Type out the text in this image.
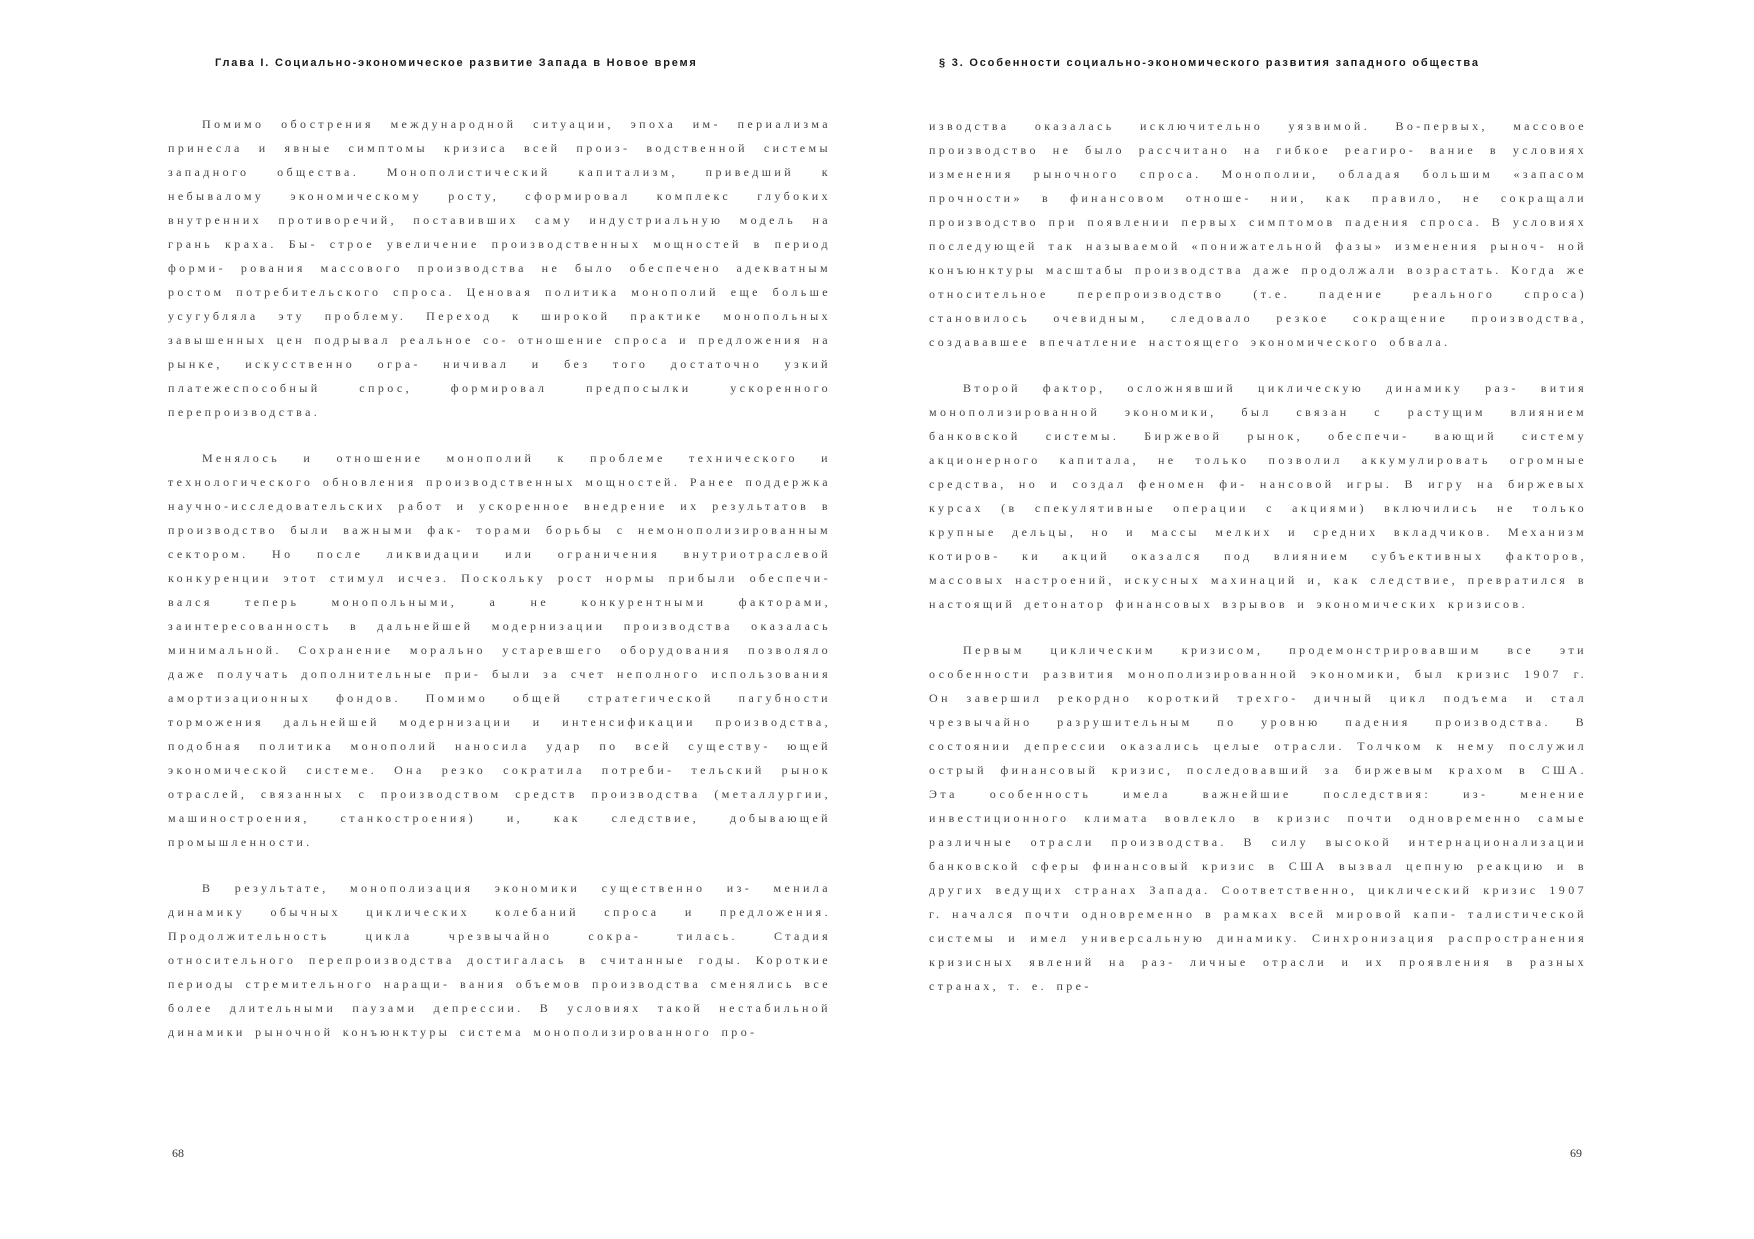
Глава I. Социально-экономическое развитие Запада в Новое время

Помимо обострения международной ситуации, эпоха им- периализма принесла и явные симптомы кризиса всей произ- водственной системы западного общества. Монополистический капитализм, приведший к небывалому экономическому росту, сформировал комплекс глубоких внутренних противоречий, поставивших саму индустриальную модель на грань краха. Бы- строе увеличение производственных мощностей в период форми- рования массового производства не было обеспечено адекватным ростом потребительского спроса. Ценовая политика монополий еще больше усугубляла эту проблему. Переход к широкой практике монопольных завышенных цен подрывал реальное со- отношение спроса и предложения на рынке, искусственно огра- ничивал и без того достаточно узкий платежеспособный спрос, формировал предпосылки ускоренного перепроизводства.

Менялось и отношение монополий к проблеме технического и технологического обновления производственных мощностей. Ранее поддержка научно-исследовательских работ и ускоренное внедрение их результатов в производство были важными фак- торами борьбы с немонополизированным сектором. Но после ликвидации или ограничения внутриотраслевой конкуренции этот стимул исчез. Поскольку рост нормы прибыли обеспечи- вался теперь монопольными, а не конкурентными факторами, заинтересованность в дальнейшей модернизации производства оказалась минимальной. Сохранение морально устаревшего оборудования позволяло даже получать дополнительные при- были за счет неполного использования амортизационных фондов. Помимо общей стратегической пагубности торможения дальнейшей модернизации и интенсификации производства, подобная политика монополий наносила удар по всей существу- ющей экономической системе. Она резко сократила потреби- тельский рынок отраслей, связанных с производством средств производства (металлургии, машиностроения, станкостроения) и, как следствие, добывающей промышленности.

В результате, монополизация экономики существенно из- менила динамику обычных циклических колебаний спроса и предложения. Продолжительность цикла чрезвычайно сокра- тилась. Стадия относительного перепроизводства достигалась в считанные годы. Короткие периоды стремительного наращи- вания объемов производства сменялись все более длительными паузами депрессии. В условиях такой нестабильной динамики рыночной конъюнктуры система монополизированного про-

68
§ 3. Особенности социально-экономического развития западного общества

изводства оказалась исключительно уязвимой. Во-первых, массовое производство не было рассчитано на гибкое реагиро- вание в условиях изменения рыночного спроса. Монополии, обладая большим «запасом прочности» в финансовом отноше- нии, как правило, не сокращали производство при появлении первых симптомов падения спроса. В условиях последующей так называемой «понижательной фазы» изменения рыноч- ной конъюнктуры масштабы производства даже продолжали возрастать. Когда же относительное перепроизводство (т.е. падение реального спроса) становилось очевидным, следовало резкое сокращение производства, создававшее впечатление настоящего экономического обвала.

Второй фактор, осложнявший циклическую динамику раз- вития монополизированной экономики, был связан с растущим влиянием банковской системы. Биржевой рынок, обеспечи- вающий систему акционерного капитала, не только позволил аккумулировать огромные средства, но и создал феномен фи- нансовой игры. В игру на биржевых курсах (в спекулятивные операции с акциями) включились не только крупные дельцы, но и массы мелких и средних вкладчиков. Механизм котиров- ки акций оказался под влиянием субъективных факторов, массовых настроений, искусных махинаций и, как следствие, превратился в настоящий детонатор финансовых взрывов и экономических кризисов.

Первым циклическим кризисом, продемонстрировавшим все эти особенности развития монополизированной экономики, был кризис 1907 г. Он завершил рекордно короткий трехго- дичный цикл подъема и стал чрезвычайно разрушительным по уровню падения производства. В состоянии депрессии оказались целые отрасли. Толчком к нему послужил острый финансовый кризис, последовавший за биржевым крахом в США. Эта особенность имела важнейшие последствия: из- менение инвестиционного климата вовлекло в кризис почти одновременно самые различные отрасли производства. В силу высокой интернационализации банковской сферы финансовый кризис в США вызвал цепную реакцию и в других ведущих странах Запада. Соответственно, циклический кризис 1907 г. начался почти одновременно в рамках всей мировой капи- талистической системы и имел универсальную динамику. Синхронизация распространения кризисных явлений на раз- личные отрасли и их проявления в разных странах, т. е. пре-

69
